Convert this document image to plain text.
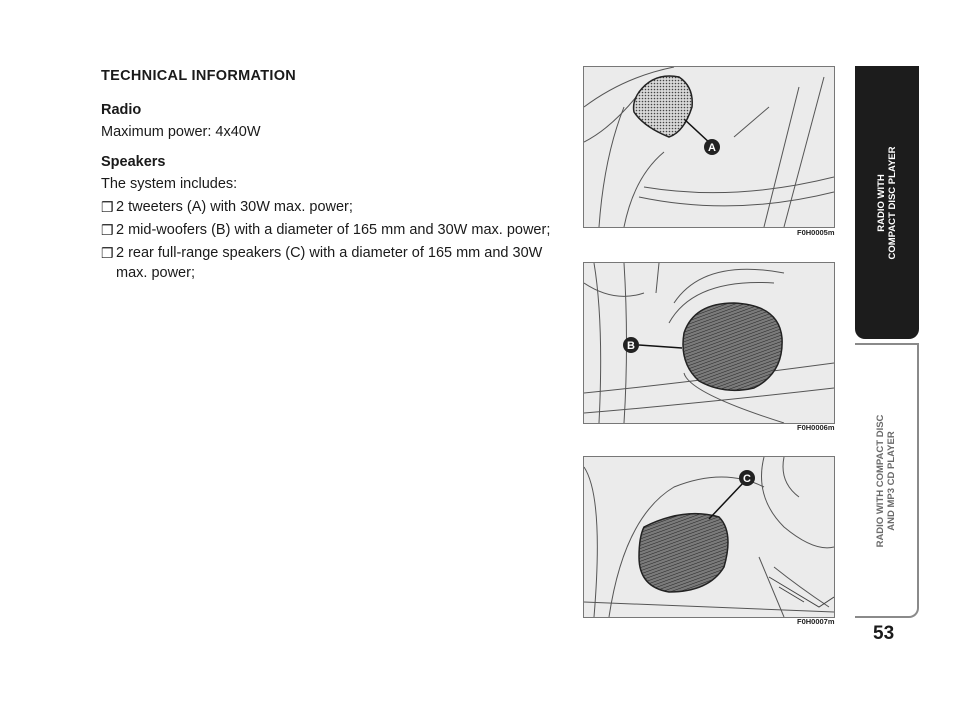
TECHNICAL INFORMATION
Radio
Maximum power: 4x40W
Speakers
The system includes:
❒ 2 tweeters (A) with 30W max. power;
❒ 2 mid-woofers (B) with a diameter of 165 mm and 30W max. power;
❒ 2 rear full-range speakers (C) with a diameter of 165 mm and 30W max. power;
A
F0H0005m
B
F0H0006m
C
F0H0007m
RADIO WITH COMPACT DISC PLAYER
RADIO WITH COMPACT DISC AND MP3 CD PLAYER
53
